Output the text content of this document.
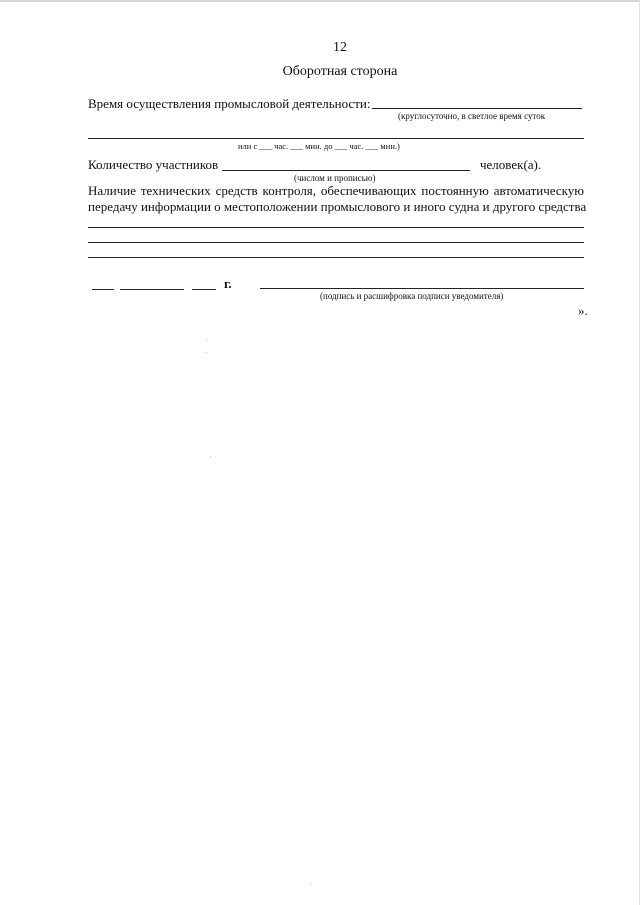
12
Оборотная сторона
Время осуществления промысловой деятельности:
(круглосуточно, в светлое время суток
или с ___ час. ___ мин. до ___ час. ___ мин.)
Количество участников	человек(а).
(числом и прописью)
Наличие технических средств контроля, обеспечивающих постоянную автоматическую
передачу информации о местоположении промыслового и иного судна и другого средства
г.
(подпись и расшифровка подписи уведомителя)
».
